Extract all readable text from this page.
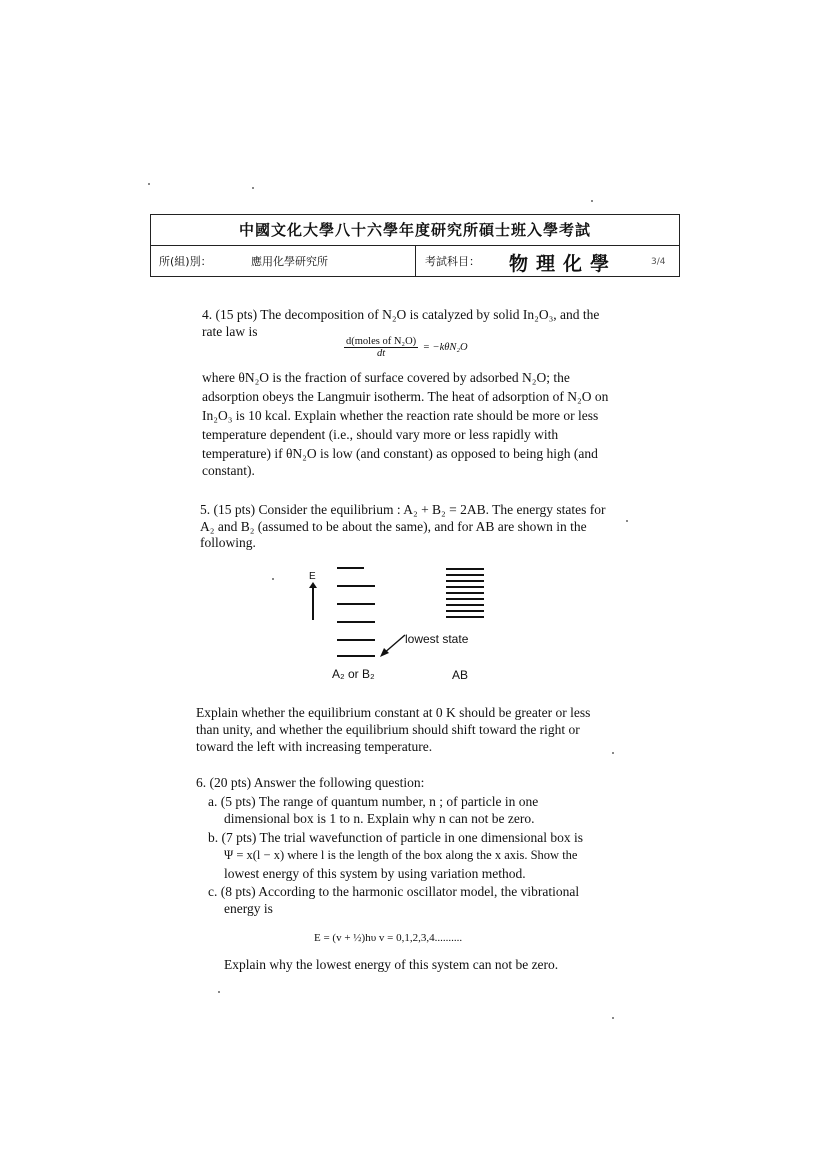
中國文化大學八十六學年度研究所碩士班入學考試
所(組)別：	應用化學研究所	考試科目： 物理化學	3/4
4. (15 pts) The decomposition of N₂O is catalyzed by solid In₂O₃, and the
rate law is
$\frac{\text{d(moles of N₂O)}}{dt} = -k\theta N_2O$
where θN₂O is the fraction of surface covered by adsorbed N₂O; the
adsorption obeys the Langmuir isotherm. The heat of adsorption of N₂O on
In₂O₃ is 10 kcal. Explain whether the reaction rate should be more or less
temperature dependent (i.e., should vary more or less rapidly with
temperature) if θN₂O is low (and constant) as opposed to being high (and
constant).
5. (15 pts) Consider the equilibrium : A₂ + B₂ = 2AB. The energy states for
A₂ and B₂ (assumed to be about the same), and for AB are shown in the
following.
E
lowest state
A₂ or B₂	AB
Explain whether the equilibrium constant at 0 K should be greater or less
than unity, and whether the equilibrium should shift toward the right or
toward the left with increasing temperature.
6. (20 pts) Answer the following question:
a. (5 pts) The range of quantum number, n ; of particle in one
dimensional box is 1 to n. Explain why n can not be zero.
b. (7 pts) The trial wavefunction of particle in one dimensional box is
Ψ = x(l − x) where l is the length of the box along the x axis. Show the
lowest energy of this system by using variation method.
c. (8 pts) According to the harmonic oscillator model, the vibrational
energy is
E = (v + ½)hυ v = 0,1,2,3,4..........
Explain why the lowest energy of this system can not be zero.
